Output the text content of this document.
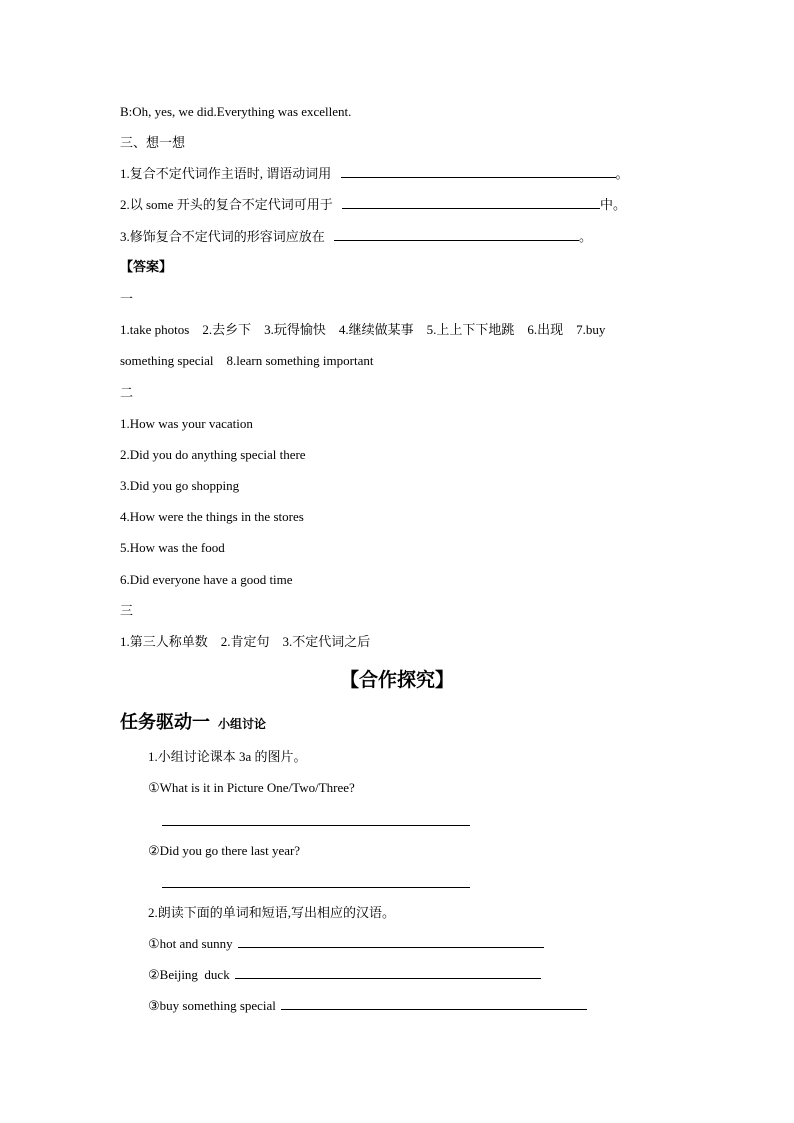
B:Oh, yes, we did.Everything was excellent.
三、想一想
1.复合不定代词作主语时, 谓语动词用	。
2.以 some 开头的复合不定代词可用于	中。
3.修饰复合不定代词的形容词应放在	。
【答案】
一
1.take photos　2.去乡下　3.玩得愉快　4.继续做某事　5.上上下下地跳　6.出现　7.buy
something special　8.learn something important
二
1.How was your vacation
2.Did you do anything special there
3.Did you go shopping
4.How were the things in the stores
5.How was the food
6.Did everyone have a good time
三
1.第三人称单数　2.肯定句　3.不定代词之后
【合作探究】
任务驱动一 小组讨论
1.小组讨论课本 3a 的图片。
①What is it in Picture One/Two/Three?
②Did you go there last year?
2.朗读下面的单词和短语,写出相应的汉语。
①hot and sunny
②Beijing  duck
③buy something special
